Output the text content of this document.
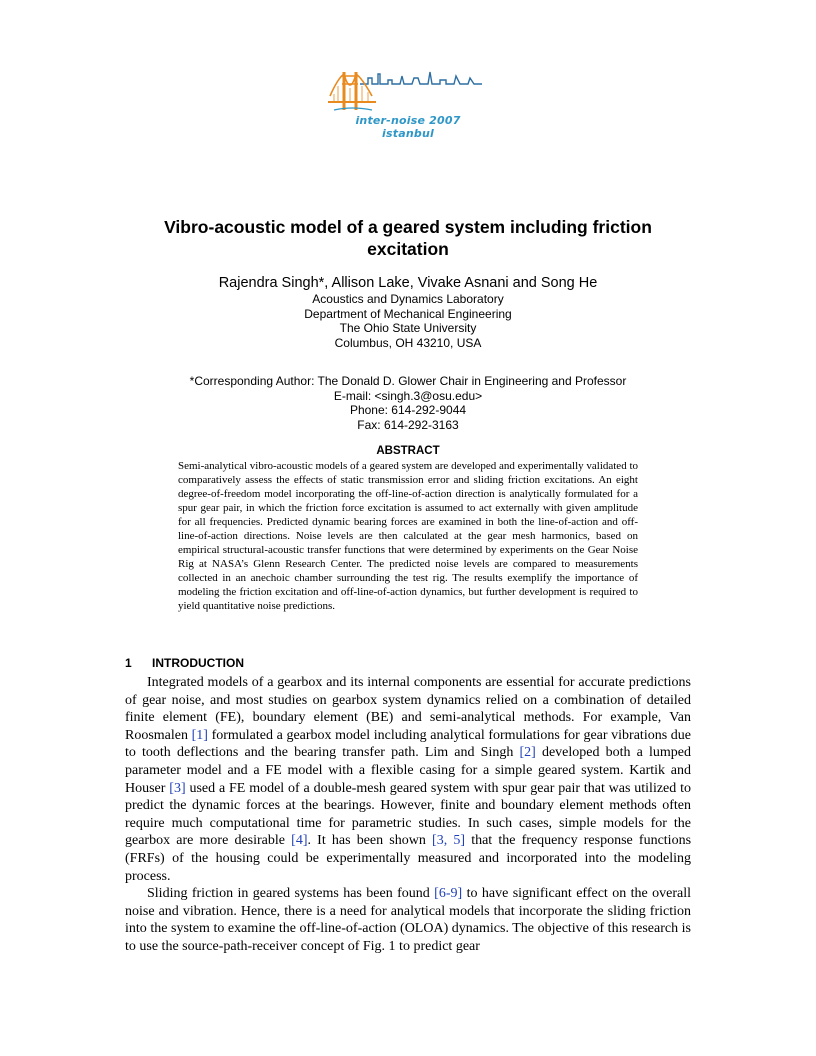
inter-noise 2007 istanbul
Vibro-acoustic model of a geared system including friction excitation
Rajendra Singh*, Allison Lake, Vivake Asnani and Song He
Acoustics and Dynamics Laboratory
Department of Mechanical Engineering
The Ohio State University
Columbus, OH 43210, USA
*Corresponding Author: The Donald D. Glower Chair in Engineering and Professor
E-mail: <singh.3@osu.edu>
Phone: 614-292-9044
Fax: 614-292-3163
ABSTRACT
Semi-analytical vibro-acoustic models of a geared system are developed and experimentally validated to comparatively assess the effects of static transmission error and sliding friction excitations. An eight degree-of-freedom model incorporating the off-line-of-action direction is analytically formulated for a spur gear pair, in which the friction force excitation is assumed to act externally with given amplitude for all frequencies. Predicted dynamic bearing forces are examined in both the line-of-action and off-line-of-action directions. Noise levels are then calculated at the gear mesh harmonics, based on empirical structural-acoustic transfer functions that were determined by experiments on the Gear Noise Rig at NASA’s Glenn Research Center. The predicted noise levels are compared to measurements collected in an anechoic chamber surrounding the test rig. The results exemplify the importance of modeling the friction excitation and off-line-of-action dynamics, but further development is required to yield quantitative noise predictions.
1 INTRODUCTION

Integrated models of a gearbox and its internal components are essential for accurate predictions of gear noise, and most studies on gearbox system dynamics relied on a combination of detailed finite element (FE), boundary element (BE) and semi-analytical methods. For example, Van Roosmalen [1] formulated a gearbox model including analytical formulations for gear vibrations due to tooth deflections and the bearing transfer path. Lim and Singh [2] developed both a lumped parameter model and a FE model with a flexible casing for a simple geared system. Kartik and Houser [3] used a FE model of a double-mesh geared system with spur gear pair that was utilized to predict the dynamic forces at the bearings. However, finite and boundary element methods often require much computational time for parametric studies. In such cases, simple models for the gearbox are more desirable [4]. It has been shown [3, 5] that the frequency response functions (FRFs) of the housing could be experimentally measured and incorporated into the modeling process.

Sliding friction in geared systems has been found [6-9] to have significant effect on the overall noise and vibration. Hence, there is a need for analytical models that incorporate the sliding friction into the system to examine the off-line-of-action (OLOA) dynamics. The objective of this research is to use the source-path-receiver concept of Fig. 1 to predict gear
